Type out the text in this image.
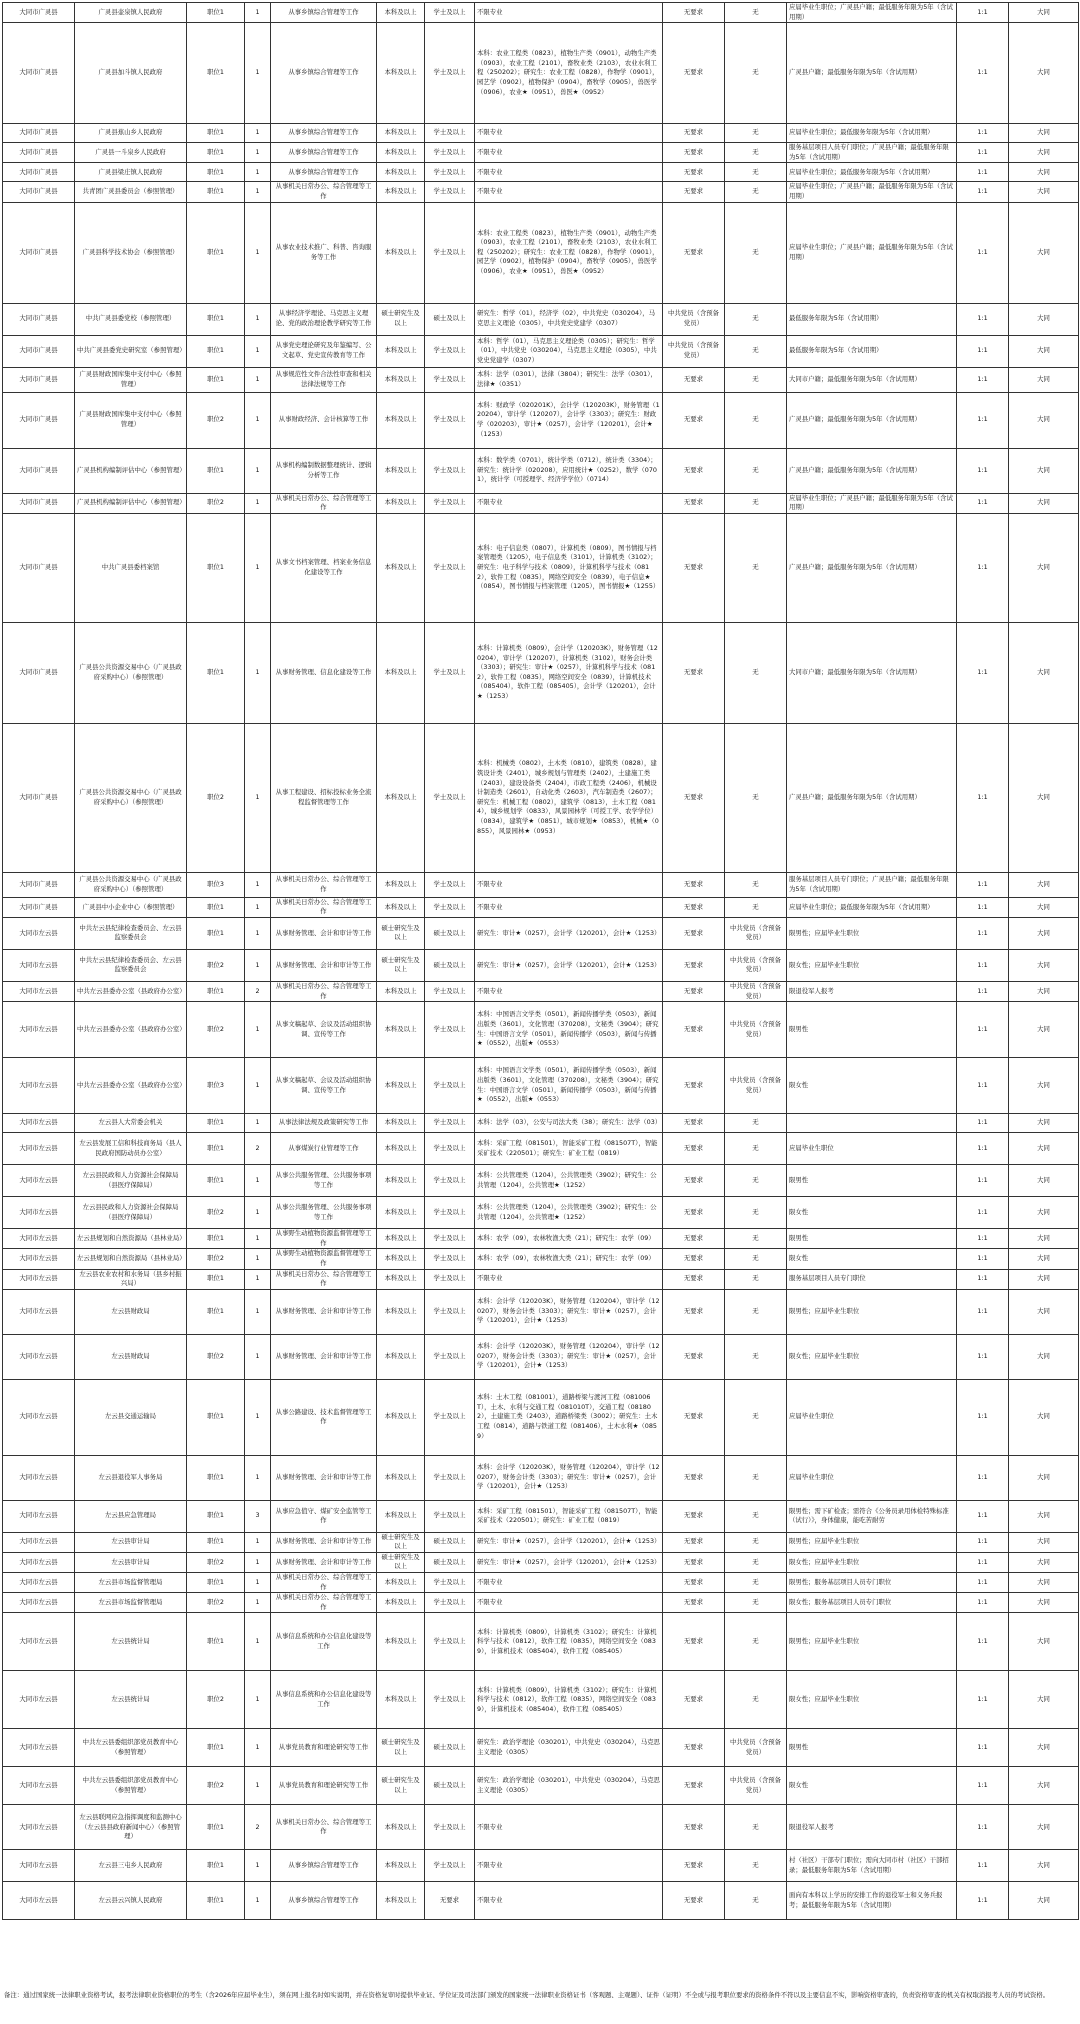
大同市广灵县	广灵县壶泉镇人民政府	职位1	1	从事乡镇综合管理等工作	本科及以上	学士及以上	不限专业	无要求	无	应届毕业生职位；广灵县户籍；最低服务年限为5年（含试用期）	1:1	大同
大同市广灵县	广灵县加斗镇人民政府	职位1	1	从事乡镇综合管理等工作	本科及以上	学士及以上	本科：农业工程类（0823），植物生产类（0901），动物生产类（0903），农业工程（2101），畜牧业类（2103），农业水利工程（250202）；研究生：农业工程（0828），作物学（0901），园艺学（0902），植物保护（0904），畜牧学（0905），兽医学（0906），农业★（0951），兽医★（0952）	无要求	无	广灵县户籍；最低服务年限为5年（含试用期）	1:1	大同
大同市广灵县	广灵县蕉山乡人民政府	职位1	1	从事乡镇综合管理等工作	本科及以上	学士及以上	不限专业	无要求	无	应届毕业生职位；最低服务年限为5年（含试用期）	1:1	大同
大同市广灵县	广灵县一斗泉乡人民政府	职位1	1	从事乡镇综合管理等工作	本科及以上	学士及以上	不限专业	无要求	无	服务基层项目人员专门职位；广灵县户籍；最低服务年限为5年（含试用期）	1:1	大同
大同市广灵县	广灵县梁庄镇人民政府	职位1	1	从事乡镇综合管理等工作	本科及以上	学士及以上	不限专业	无要求	无	应届毕业生职位；最低服务年限为5年（含试用期）	1:1	大同
大同市广灵县	共青团广灵县委员会（参照管理）	职位1	1	从事机关日常办公、综合管理等工作	本科及以上	学士及以上	不限专业	无要求	无	应届毕业生职位；广灵县户籍；最低服务年限为5年（含试用期）	1:1	大同
大同市广灵县	广灵县科学技术协会（参照管理）	职位1	1	从事农业技术推广、科普、咨询服务等工作	本科及以上	学士及以上	本科：农业工程类（0823），植物生产类（0901），动物生产类（0903），农业工程（2101），畜牧业类（2103），农业水利工程（250202）；研究生：农业工程（0828），作物学（0901），园艺学（0902），植物保护（0904），畜牧学（0905），兽医学（0906），农业★（0951），兽医★（0952）	无要求	无	应届毕业生职位；广灵县户籍；最低服务年限为5年（含试用期）	1:1	大同
大同市广灵县	中共广灵县委党校（参照管理）	职位1	1	从事经济学理论、马克思主义理论、党的政治理论教学研究等工作	硕士研究生及以上	硕士及以上	研究生：哲学（01），经济学（02），中共党史（030204），马克思主义理论（0305），中共党史党建学（0307）	中共党员（含预备党员）	无	最低服务年限为5年（含试用期）	1:1	大同
大同市广灵县	中共广灵县委党史研究室（参照管理）	职位1	1	从事党史理论研究及年鉴编写、公文起草、党史宣传教育等工作	本科及以上	学士及以上	本科：哲学（01），马克思主义理论类（0305）；研究生：哲学（01），中共党史（030204），马克思主义理论（0305），中共党史党建学（0307）	中共党员（含预备党员）	无	最低服务年限为5年（含试用期）	1:1	大同
大同市广灵县	广灵县财政国库集中支付中心（参照管理）	职位1	1	从事规范性文件合法性审查和相关法律法规等工作	本科及以上	学士及以上	本科：法学（0301），法律（3804）；研究生：法学（0301），法律★（0351）	无要求	无	大同市户籍；最低服务年限为5年（含试用期）	1:1	大同
大同市广灵县	广灵县财政国库集中支付中心（参照管理）	职位2	1	从事财政经济、会计核算等工作	本科及以上	学士及以上	本科：财政学（020201K），会计学（120203K），财务管理（120204），审计学（120207），会计学（3303）；研究生：财政学（020203），审计★（0257），会计学（120201），会计★（1253）	无要求	无	广灵县户籍；最低服务年限为5年（含试用期）	1:1	大同
大同市广灵县	广灵县机构编制评估中心（参照管理）	职位1	1	从事机构编制数据整理统计、逻辑分析等工作	本科及以上	学士及以上	本科：数学类（0701），统计学类（0712），统计类（3304）；研究生：统计学（020208），应用统计★（0252），数学（0701），统计学（可授理学、经济学学位）（0714）	无要求	无	广灵县户籍；最低服务年限为5年（含试用期）	1:1	大同
大同市广灵县	广灵县机构编制评估中心（参照管理）	职位2	1	从事机关日常办公、综合管理等工作	本科及以上	学士及以上	不限专业	无要求	无	应届毕业生职位；广灵县户籍；最低服务年限为5年（含试用期）	1:1	大同
大同市广灵县	中共广灵县委档案馆	职位1	1	从事文书档案管理、档案业务信息化建设等工作	本科及以上	学士及以上	本科：电子信息类（0807），计算机类（0809），图书情报与档案管理类（1205），电子信息类（3101），计算机类（3102）；研究生：电子科学与技术（0809），计算机科学与技术（0812），软件工程（0835），网络空间安全（0839），电子信息★（0854），图书情报与档案管理（1205），图书情报★（1255）	无要求	无	广灵县户籍；最低服务年限为5年（含试用期）	1:1	大同
大同市广灵县	广灵县公共资源交易中心（广灵县政府采购中心）（参照管理）	职位1	1	从事财务管理、信息化建设等工作	本科及以上	学士及以上	本科：计算机类（0809），会计学（120203K），财务管理（120204），审计学（120207），计算机类（3102），财务会计类（3303）；研究生：审计★（0257），计算机科学与技术（0812），软件工程（0835），网络空间安全（0839），计算机技术（085404），软件工程（085405），会计学（120201），会计★（1253）	无要求	无	大同市户籍；最低服务年限为5年（含试用期）	1:1	大同
大同市广灵县	广灵县公共资源交易中心（广灵县政府采购中心）（参照管理）	职位2	1	从事工程建设、招标投标业务全流程监督管理等工作	本科及以上	学士及以上	本科：机械类（0802），土木类（0810），建筑类（0828），建筑设计类（2401），城乡规划与管理类（2402），土建施工类（2403），建设设备类（2404），市政工程类（2406），机械设计制造类（2601），自动化类（2603），汽车制造类（2607）；研究生：机械工程（0802），建筑学（0813），土木工程（0814），城乡规划学（0833），风景园林学（可授工学、农学学位）（0834），建筑学★（0851），城市规划★（0853），机械★（0855），风景园林★（0953）	无要求	无	广灵县户籍；最低服务年限为5年（含试用期）	1:1	大同
大同市广灵县	广灵县公共资源交易中心（广灵县政府采购中心）（参照管理）	职位3	1	从事机关日常办公、综合管理等工作	本科及以上	学士及以上	不限专业	无要求	无	服务基层项目人员专门职位；广灵县户籍；最低服务年限为5年（含试用期）	1:1	大同
大同市广灵县	广灵县中小企业中心（参照管理）	职位1	1	从事机关日常办公、综合管理等工作	本科及以上	学士及以上	不限专业	无要求	无	应届毕业生职位；最低服务年限为5年（含试用期）	1:1	大同
大同市左云县	中共左云县纪律检查委员会、左云县监察委员会	职位1	1	从事财务管理、会计和审计等工作	硕士研究生及以上	硕士及以上	研究生：审计★（0257），会计学（120201），会计★（1253）	无要求	中共党员（含预备党员）	限男性；应届毕业生职位	1:1	大同
大同市左云县	中共左云县纪律检查委员会、左云县监察委员会	职位2	1	从事财务管理、会计和审计等工作	硕士研究生及以上	硕士及以上	研究生：审计★（0257），会计学（120201），会计★（1253）	无要求	中共党员（含预备党员）	限女性；应届毕业生职位	1:1	大同
大同市左云县	中共左云县委办公室（县政府办公室）	职位1	2	从事机关日常办公、综合管理等工作	本科及以上	学士及以上	不限专业	无要求	中共党员（含预备党员）	限退役军人报考	1:1	大同
大同市左云县	中共左云县委办公室（县政府办公室）	职位2	1	从事文稿起草、会议及活动组织协调、宣传等工作	本科及以上	学士及以上	本科：中国语言文学类（0501），新闻传播学类（0503），新闻出版类（3601），文化管理（370208），文秘类（3904）；研究生：中国语言文学（0501），新闻传播学（0503），新闻与传播★（0552），出版★（0553）	无要求	中共党员（含预备党员）	限男性	1:1	大同
大同市左云县	中共左云县委办公室（县政府办公室）	职位3	1	从事文稿起草、会议及活动组织协调、宣传等工作	本科及以上	学士及以上	本科：中国语言文学类（0501），新闻传播学类（0503），新闻出版类（3601），文化管理（370208），文秘类（3904）；研究生：中国语言文学（0501），新闻传播学（0503），新闻与传播★（0552），出版★（0553）	无要求	中共党员（含预备党员）	限女性	1:1	大同
大同市左云县	左云县人大常委会机关	职位1	1	从事法律法规及政策研究等工作	本科及以上	学士及以上	本科：法学（03），公安与司法大类（38）；研究生：法学（03）	无要求	无		1:1	大同
大同市左云县	左云县发展工信和科技商务局（县人民政府国防动员办公室）	职位1	2	从事煤炭行业管理等工作	本科及以上	学士及以上	本科：采矿工程（081501），智能采矿工程（081507T），智能采矿技术（220501）；研究生：矿业工程（0819）	无要求	无	应届毕业生职位	1:1	大同
大同市左云县	左云县民政和人力资源社会保障局（县医疗保障局）	职位1	1	从事公共服务管理、公共服务事项等工作	本科及以上	学士及以上	本科：公共管理类（1204），公共管理类（3902）；研究生：公共管理（1204），公共管理★（1252）	无要求	无	限男性	1:1	大同
大同市左云县	左云县民政和人力资源社会保障局（县医疗保障局）	职位2	1	从事公共服务管理、公共服务事项等工作	本科及以上	学士及以上	本科：公共管理类（1204），公共管理类（3902）；研究生：公共管理（1204），公共管理★（1252）	无要求	无	限女性	1:1	大同
大同市左云县	左云县规划和自然资源局（县林业局）	职位1	1	从事野生动植物资源监督管理等工作	本科及以上	学士及以上	本科：农学（09），农林牧渔大类（21）；研究生：农学（09）	无要求	无	限男性	1:1	大同
大同市左云县	左云县规划和自然资源局（县林业局）	职位2	1	从事野生动植物资源监督管理等工作	本科及以上	学士及以上	本科：农学（09），农林牧渔大类（21）；研究生：农学（09）	无要求	无	限女性	1:1	大同
大同市左云县	左云县农业农村和水务局（县乡村振兴局）	职位1	1	从事机关日常办公、综合管理等工作	本科及以上	学士及以上	不限专业	无要求	无	服务基层项目人员专门职位	1:1	大同
大同市左云县	左云县财政局	职位1	1	从事财务管理、会计和审计等工作	本科及以上	学士及以上	本科：会计学（120203K），财务管理（120204），审计学（120207），财务会计类（3303）；研究生：审计★（0257），会计学（120201），会计★（1253）	无要求	无	限男性；应届毕业生职位	1:1	大同
大同市左云县	左云县财政局	职位2	1	从事财务管理、会计和审计等工作	本科及以上	学士及以上	本科：会计学（120203K），财务管理（120204），审计学（120207），财务会计类（3303）；研究生：审计★（0257），会计学（120201），会计★（1253）	无要求	无	限女性；应届毕业生职位	1:1	大同
大同市左云县	左云县交通运输局	职位1	1	从事公路建设、技术监督管理等工作	本科及以上	学士及以上	本科：土木工程（081001），道路桥梁与渡河工程（081006T），土木、水利与交通工程（081010T），交通工程（081802），土建施工类（2403），道路桥梁类（3002）；研究生：土木工程（0814），道路与铁道工程（081406），土木水利★（0859）	无要求	无	应届毕业生职位	1:1	大同
大同市左云县	左云县退役军人事务局	职位1	1	从事财务管理、会计和审计等工作	本科及以上	学士及以上	本科：会计学（120203K），财务管理（120204），审计学（120207），财务会计类（3303）；研究生：审计★（0257），会计学（120201），会计★（1253）	无要求	无	应届毕业生职位	1:1	大同
大同市左云县	左云县应急管理局	职位1	3	从事应急值守、煤矿安全监管等工作	本科及以上	学士及以上	本科：采矿工程（081501），智能采矿工程（081507T），智能采矿技术（220501）；研究生：矿业工程（0819）	无要求	无	限男性；需下矿检查；需符合《公务员录用体检特殊标准（试行）》，身体健康，能吃苦耐劳	1:1	大同
大同市左云县	左云县审计局	职位1	1	从事财务管理、会计和审计等工作	硕士研究生及以上	硕士及以上	研究生：审计★（0257），会计学（120201），会计★（1253）	无要求	无	限男性；应届毕业生职位	1:1	大同
大同市左云县	左云县审计局	职位2	1	从事财务管理、会计和审计等工作	硕士研究生及以上	硕士及以上	研究生：审计★（0257），会计学（120201），会计★（1253）	无要求	无	限女性；应届毕业生职位	1:1	大同
大同市左云县	左云县市场监督管理局	职位1	1	从事机关日常办公、综合管理等工作	本科及以上	学士及以上	不限专业	无要求	无	限男性；服务基层项目人员专门职位	1:1	大同
大同市左云县	左云县市场监督管理局	职位2	1	从事机关日常办公、综合管理等工作	本科及以上	学士及以上	不限专业	无要求	无	限女性；服务基层项目人员专门职位	1:1	大同
大同市左云县	左云县统计局	职位1	1	从事信息系统和办公信息化建设等工作	本科及以上	学士及以上	本科：计算机类（0809），计算机类（3102）；研究生：计算机科学与技术（0812），软件工程（0835），网络空间安全（0839），计算机技术（085404），软件工程（085405）	无要求	无	限男性；应届毕业生职位	1:1	大同
大同市左云县	左云县统计局	职位2	1	从事信息系统和办公信息化建设等工作	本科及以上	学士及以上	本科：计算机类（0809），计算机类（3102）；研究生：计算机科学与技术（0812），软件工程（0835），网络空间安全（0839），计算机技术（085404），软件工程（085405）	无要求	无	限女性；应届毕业生职位	1:1	大同
大同市左云县	中共左云县委组织部党员教育中心（参照管理）	职位1	1	从事党员教育和理论研究等工作	硕士研究生及以上	硕士及以上	研究生：政治学理论（030201），中共党史（030204），马克思主义理论（0305）	无要求	中共党员（含预备党员）	限男性	1:1	大同
大同市左云县	中共左云县委组织部党员教育中心（参照管理）	职位2	1	从事党员教育和理论研究等工作	硕士研究生及以上	硕士及以上	研究生：政治学理论（030201），中共党史（030204），马克思主义理论（0305）	无要求	中共党员（含预备党员）	限女性	1:1	大同
大同市左云县	左云县联网应急指挥调度和监测中心（左云县县政府新闻中心）（参照管理）	职位1	2	从事机关日常办公、综合管理等工作	本科及以上	学士及以上	不限专业	无要求	无	限退役军人报考	1:1	大同
大同市左云县	左云县三屯乡人民政府	职位1	1	从事乡镇综合管理等工作	本科及以上	学士及以上	不限专业	无要求	无	村（社区）干部专门职位；需向大同市村（社区）干部招录；最低服务年限为5年（含试用期）	1:1	大同
大同市左云县	左云县云兴镇人民政府	职位1	1	从事乡镇综合管理等工作	本科及以上	无要求	不限专业	无要求	无	面向有本科以上学历的安排工作的退役军士和义务兵报考；最低服务年限为5年（含试用期）	1:1	大同
备注：通过国家统一法律职业资格考试，报考法律职业资格职位的考生（含2026年应届毕业生），须在网上报名时如实说明，并在资格复审时提供毕业证、学位证及司法部门颁发的国家统一法律职业资格证书（客观题、主观题）、证件（证明）不全或与报考职位要求的资格条件不符以及主要信息不实，影响资格审查的，负责资格审查的机关有权取消报考人员的考试资格。
